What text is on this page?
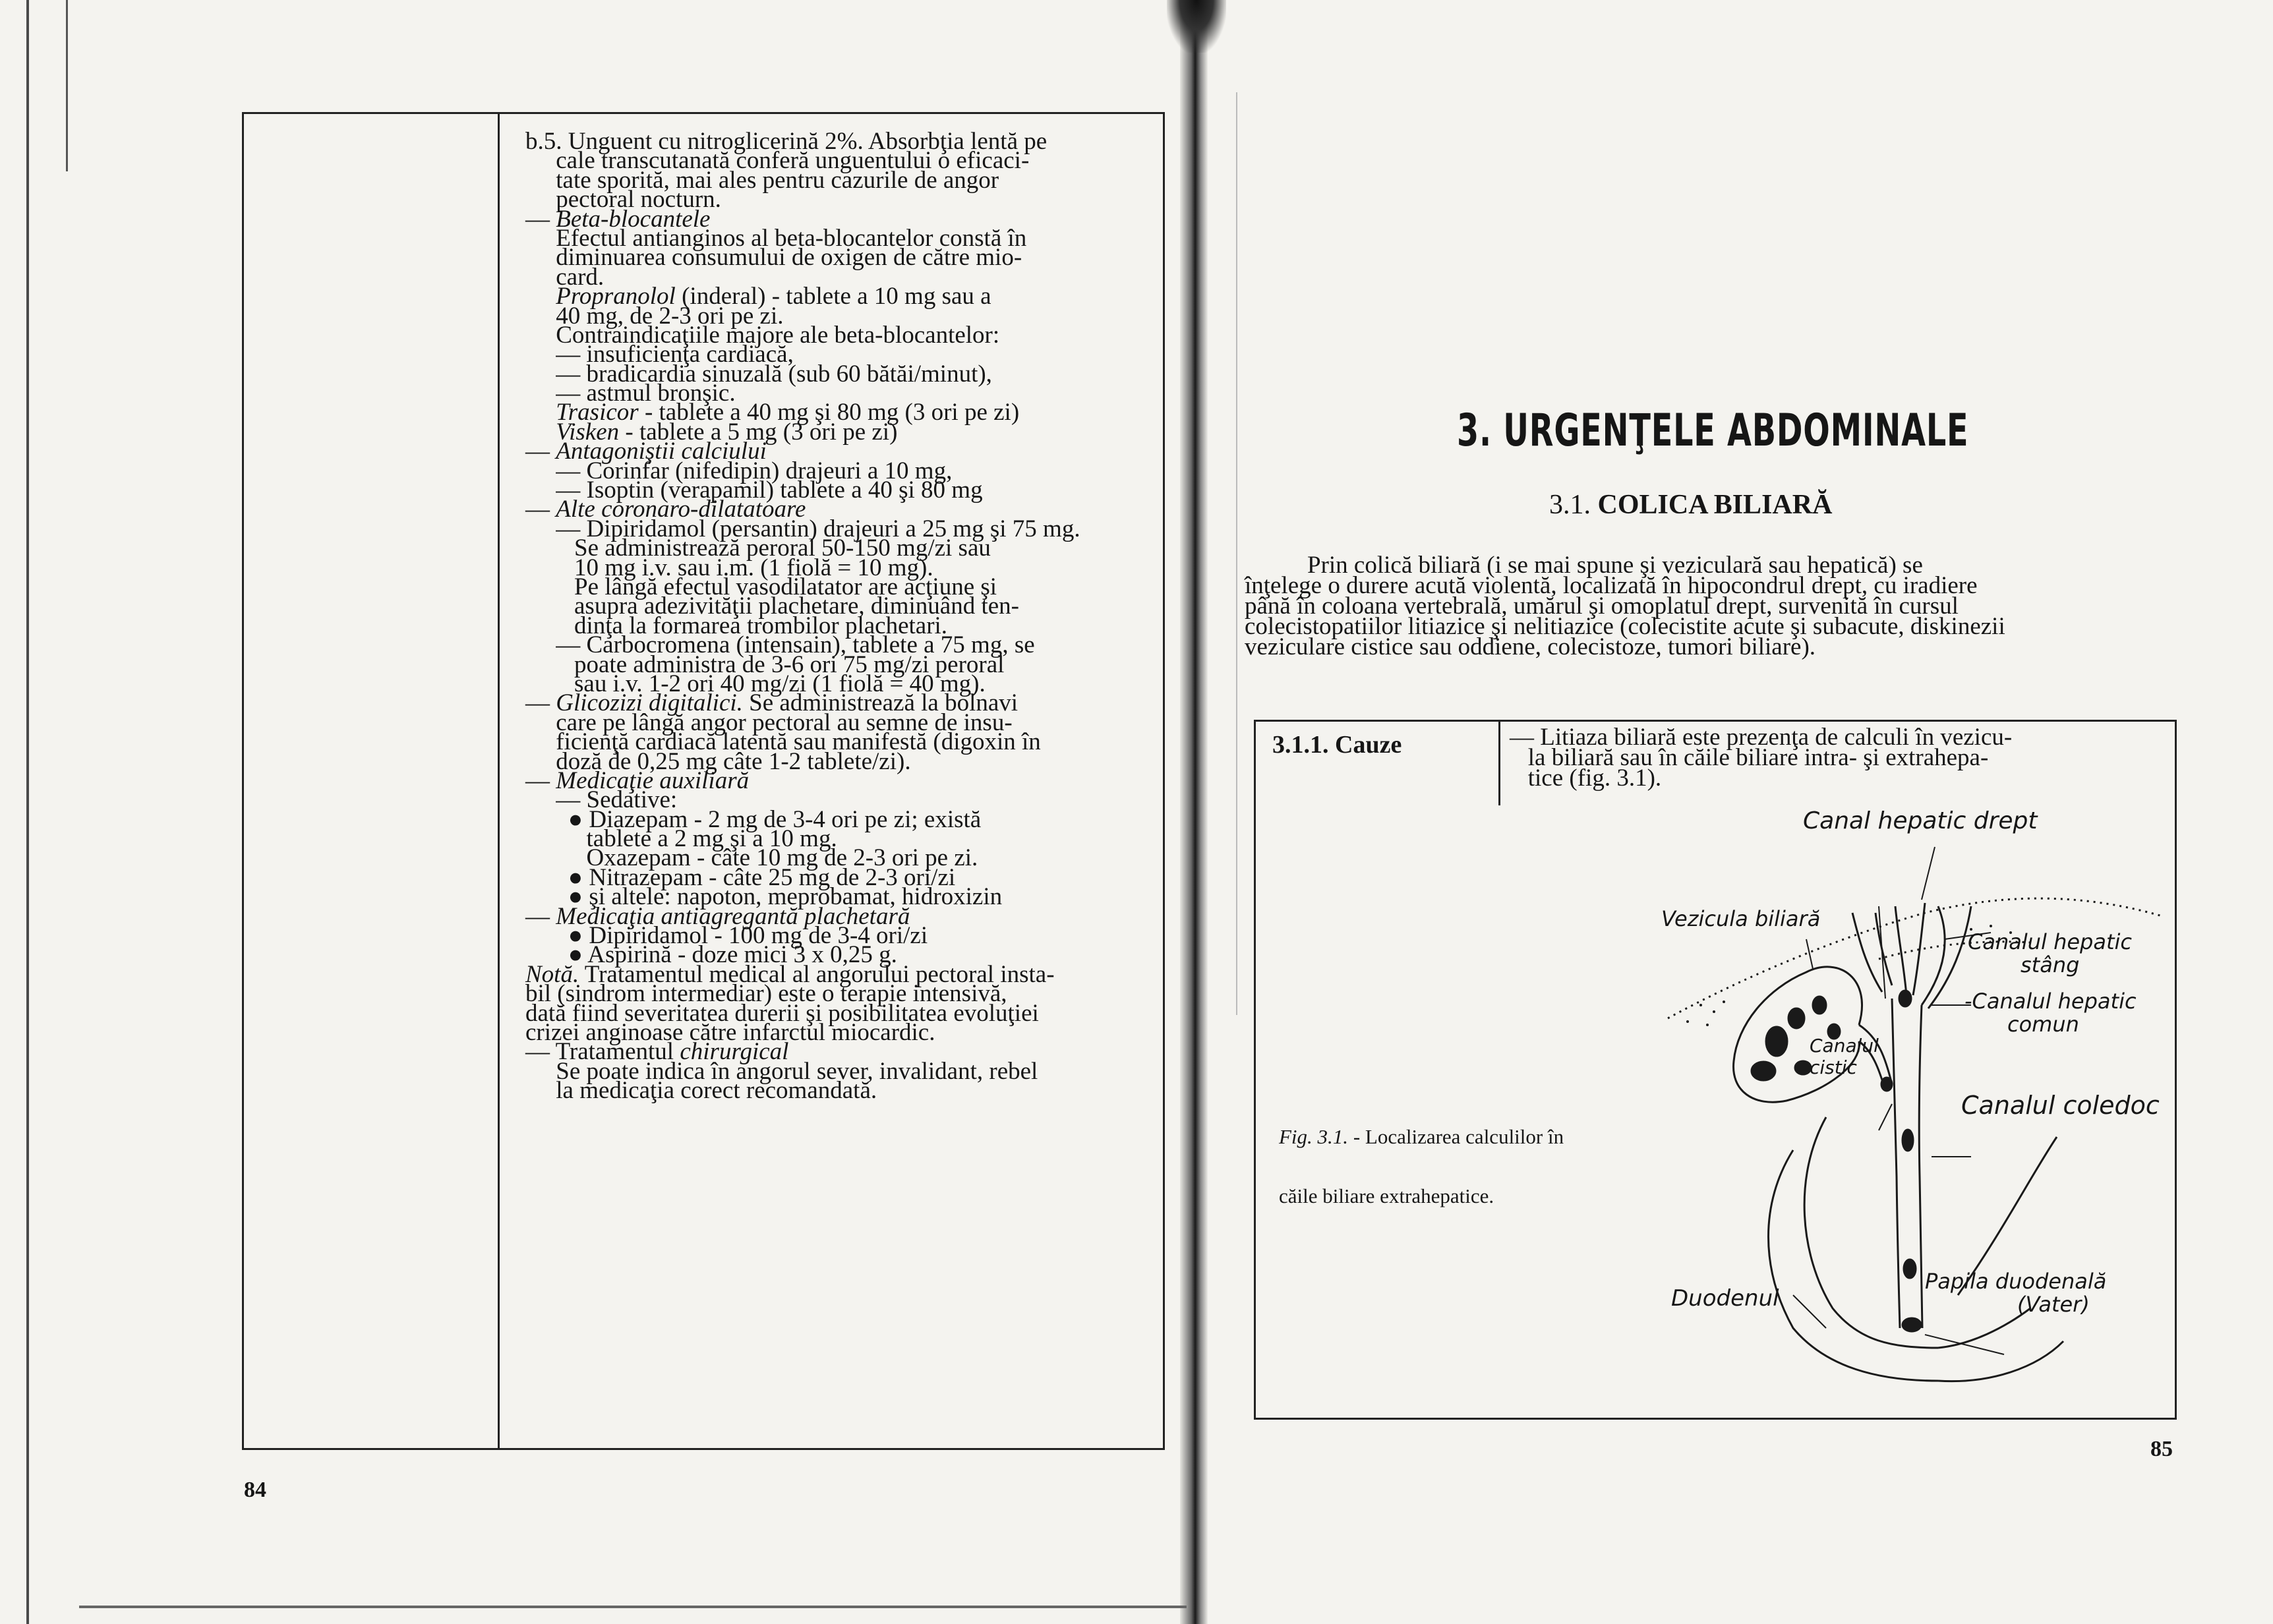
b.5. Unguent cu nitroglicerină 2%. Absorbţia lentă pe
cale transcutanată conferă unguentului o eficaci-
tate sporită, mai ales pentru cazurile de angor
pectoral nocturn.
— Beta-blocantele
Efectul antianginos al beta-blocantelor constă în
diminuarea consumului de oxigen de către mio-
card.
Propranolol (inderal) - tablete a 10 mg sau a
40 mg, de 2-3 ori pe zi.
Contraindicaţiile majore ale beta-blocantelor:
— insuficienţa cardiacă,
— bradicardia sinuzală (sub 60 bătăi/minut),
— astmul bronşic.
Trasicor - tablete a 40 mg şi 80 mg (3 ori pe zi)
Visken - tablete a 5 mg (3 ori pe zi)
— Antagoniştii calciului
— Corinfar (nifedipin) drajeuri a 10 mg,
— Isoptin (verapamil) tablete a 40 şi 80 mg
— Alte coronaro-dilatatoare
— Dipiridamol (persantin) drajeuri a 25 mg şi 75 mg.
Se administrează peroral 50-150 mg/zi sau
10 mg i.v. sau i.m. (1 fiolă = 10 mg).
Pe lângă efectul vasodilatator are acţiune şi
asupra adezivităţii plachetare, diminuând ten-
dinţa la formarea trombilor plachetari.
— Carbocromena (intensain), tablete a 75 mg, se
poate administra de 3-6 ori 75 mg/zi peroral
sau i.v. 1-2 ori 40 mg/zi (1 fiolă = 40 mg).
— Glicozizi digitalici. Se administrează la bolnavi
care pe lângă angor pectoral au semne de insu-
ficienţă cardiacă latentă sau manifestă (digoxin în
doză de 0,25 mg câte 1-2 tablete/zi).
— Medicaţie auxiliară
— Sedative:
● Diazepam - 2 mg de 3-4 ori pe zi; există
tablete a 2 mg şi a 10 mg.
Oxazepam - câte 10 mg de 2-3 ori pe zi.
● Nitrazepam - câte 25 mg de 2-3 ori/zi
● şi altele: napoton, meprobamat, hidroxizin
— Medicaţia antiagregantă plachetară
● Dipiridamol - 100 mg de 3-4 ori/zi
● Aspirină - doze mici 3 x 0,25 g.
Notă. Tratamentul medical al angorului pectoral insta-
bil (sindrom intermediar) este o terapie intensivă,
dată fiind severitatea durerii şi posibilitatea evoluţiei
crizei anginoase către infarctul miocardic.
— Tratamentul chirurgical
Se poate indica în angorul sever, invalidant, rebel
la medicaţia corect recomandată.
84
3. URGENŢELE ABDOMINALE
3.1. COLICA BILIARĂ
Prin colică biliară (i se mai spune şi veziculară sau hepatică) se
înţelege o durere acută violentă, localizată în hipocondrul drept, cu iradiere
până în coloana vertebrală, umărul şi omoplatul drept, survenită în cursul
colecistopatiilor litiazice şi nelitiazice (colecistite acute şi subacute, diskinezii
veziculare cistice sau oddiene, colecistoze, tumori biliare).
3.1.1. Cauze	— Litiaza biliară este prezenţa de calculi în vezicu-
la biliară sau în căile biliare intra- şi extrahepa-
tice (fig. 3.1).

Fig. 3.1. - Localizarea calculilor în

căile biliare extrahepatice.

Canal hepatic drept
Vezicula biliară
Canalul hepatic
stâng
-Canalul hepatic
comun
Canalul
cistic
Canalul coledoc
Duodenul
Papila duodenală
(Vater)
85
